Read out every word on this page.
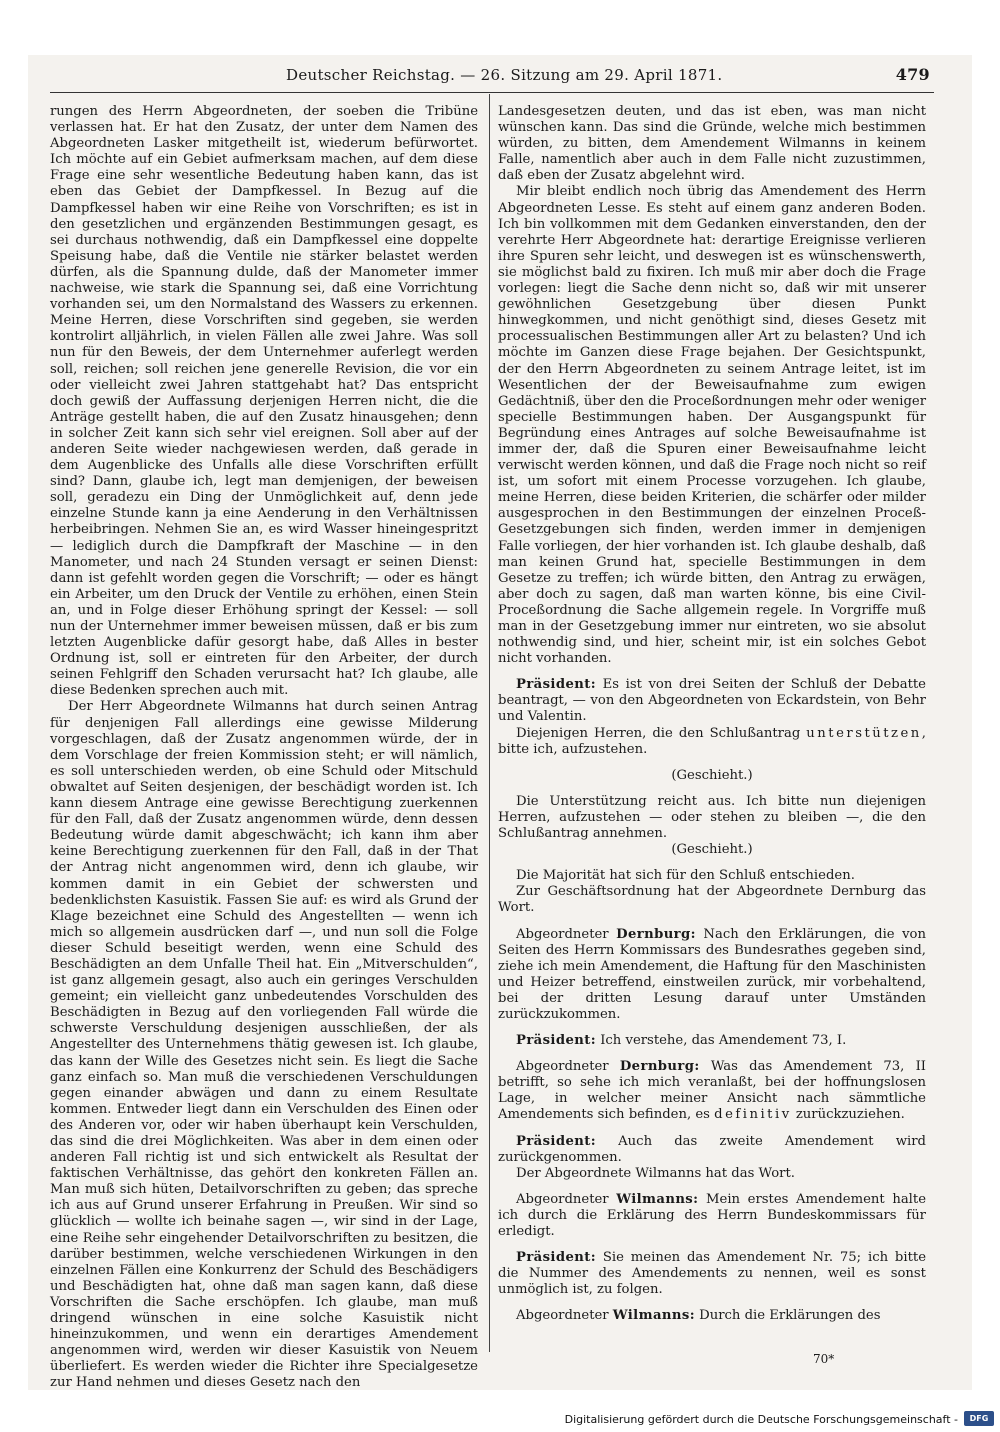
Deutscher Reichstag. — 26. Sitzung am 29. April 1871.	479

rungen des Herrn Abgeordneten, der soeben die Tribüne verlassen hat. Er hat den Zusatz, der unter dem Namen des Abgeordneten Lasker mitgetheilt ist, wiederum befürwortet. Ich möchte auf ein Gebiet aufmerksam machen, auf dem diese Frage eine sehr wesentliche Bedeutung haben kann, das ist eben das Gebiet der Dampfkessel. In Bezug auf die Dampfkessel haben wir eine Reihe von Vorschriften; es ist in den gesetzlichen und ergänzenden Bestimmungen gesagt, es sei durchaus nothwendig, daß ein Dampfkessel eine doppelte Speisung habe, daß die Ventile nie stärker belastet werden dürfen, als die Spannung dulde, daß der Manometer immer nachweise, wie stark die Spannung sei, daß eine Vorrichtung vorhanden sei, um den Normalstand des Wassers zu erkennen. Meine Herren, diese Vorschriften sind gegeben, sie werden kontrolirt alljährlich, in vielen Fällen alle zwei Jahre. Was soll nun für den Beweis, der dem Unternehmer auferlegt werden soll, reichen; soll reichen jene generelle Revision, die vor ein oder vielleicht zwei Jahren stattgehabt hat? Das entspricht doch gewiß der Auffassung derjenigen Herren nicht, die die Anträge gestellt haben, die auf den Zusatz hinausgehen; denn in solcher Zeit kann sich sehr viel ereignen. Soll aber auf der anderen Seite wieder nachgewiesen werden, daß gerade in dem Augenblicke des Unfalls alle diese Vorschriften erfüllt sind? Dann, glaube ich, legt man demjenigen, der beweisen soll, geradezu ein Ding der Unmöglichkeit auf, denn jede einzelne Stunde kann ja eine Aenderung in den Verhältnissen herbeibringen. Nehmen Sie an, es wird Wasser hineingespritzt — lediglich durch die Dampfkraft der Maschine — in den Manometer, und nach 24 Stunden versagt er seinen Dienst: dann ist gefehlt worden gegen die Vorschrift; — oder es hängt ein Arbeiter, um den Druck der Ventile zu erhöhen, einen Stein an, und in Folge dieser Erhöhung springt der Kessel: — soll nun der Unternehmer immer beweisen müssen, daß er bis zum letzten Augenblicke dafür gesorgt habe, daß Alles in bester Ordnung ist, soll er eintreten für den Arbeiter, der durch seinen Fehlgriff den Schaden verursacht hat? Ich glaube, alle diese Bedenken sprechen auch mit.

Der Herr Abgeordnete Wilmanns hat durch seinen Antrag für denjenigen Fall allerdings eine gewisse Milderung vorgeschlagen, daß der Zusatz angenommen würde, der in dem Vorschlage der freien Kommission steht; er will nämlich, es soll unterschieden werden, ob eine Schuld oder Mitschuld obwaltet auf Seiten desjenigen, der beschädigt worden ist. Ich kann diesem Antrage eine gewisse Berechtigung zuerkennen für den Fall, daß der Zusatz angenommen würde, denn dessen Bedeutung würde damit abgeschwächt; ich kann ihm aber keine Berechtigung zuerkennen für den Fall, daß in der That der Antrag nicht angenommen wird, denn ich glaube, wir kommen damit in ein Gebiet der schwersten und bedenklichsten Kasuistik. Fassen Sie auf: es wird als Grund der Klage bezeichnet eine Schuld des Angestellten — wenn ich mich so allgemein ausdrücken darf —, und nun soll die Folge dieser Schuld beseitigt werden, wenn eine Schuld des Beschädigten an dem Unfalle Theil hat. Ein „Mitverschulden“, ist ganz allgemein gesagt, also auch ein geringes Verschulden gemeint; ein vielleicht ganz unbedeutendes Vorschulden des Beschädigten in Bezug auf den vorliegenden Fall würde die schwerste Verschuldung desjenigen ausschließen, der als Angestellter des Unternehmens thätig gewesen ist. Ich glaube, das kann der Wille des Gesetzes nicht sein. Es liegt die Sache ganz einfach so. Man muß die verschiedenen Verschuldungen gegen einander abwägen und dann zu einem Resultate kommen. Entweder liegt dann ein Verschulden des Einen oder des Anderen vor, oder wir haben überhaupt kein Verschulden, das sind die drei Möglichkeiten. Was aber in dem einen oder anderen Fall richtig ist und sich entwickelt als Resultat der faktischen Verhältnisse, das gehört den konkreten Fällen an. Man muß sich hüten, Detailvorschriften zu geben; das spreche ich aus auf Grund unserer Erfahrung in Preußen. Wir sind so glücklich — wollte ich beinahe sagen —, wir sind in der Lage, eine Reihe sehr eingehender Detailvorschriften zu besitzen, die darüber bestimmen, welche verschiedenen Wirkungen in den einzelnen Fällen eine Konkurrenz der Schuld des Beschädigers und Beschädigten hat, ohne daß man sagen kann, daß diese Vorschriften die Sache erschöpfen. Ich glaube, man muß dringend wünschen in eine solche Kasuistik nicht hineinzukommen, und wenn ein derartiges Amendement angenommen wird, werden wir dieser Kasuistik von Neuem überliefert. Es werden wieder die Richter ihre Specialgesetze zur Hand nehmen und dieses Gesetz nach den

Landesgesetzen deuten, und das ist eben, was man nicht wünschen kann. Das sind die Gründe, welche mich bestimmen würden, zu bitten, dem Amendement Wilmanns in keinem Falle, namentlich aber auch in dem Falle nicht zuzustimmen, daß eben der Zusatz abgelehnt wird.

Mir bleibt endlich noch übrig das Amendement des Herrn Abgeordneten Lesse. Es steht auf einem ganz anderen Boden. Ich bin vollkommen mit dem Gedanken einverstanden, den der verehrte Herr Abgeordnete hat: derartige Ereignisse verlieren ihre Spuren sehr leicht, und deswegen ist es wünschenswerth, sie möglichst bald zu fixiren. Ich muß mir aber doch die Frage vorlegen: liegt die Sache denn nicht so, daß wir mit unserer gewöhnlichen Gesetzgebung über diesen Punkt hinwegkommen, und nicht genöthigt sind, dieses Gesetz mit processualischen Bestimmungen aller Art zu belasten? Und ich möchte im Ganzen diese Frage bejahen. Der Gesichtspunkt, der den Herrn Abgeordneten zu seinem Antrage leitet, ist im Wesentlichen der der Beweisaufnahme zum ewigen Gedächtniß, über den die Proceßordnungen mehr oder weniger specielle Bestimmungen haben. Der Ausgangspunkt für Begründung eines Antrages auf solche Beweisaufnahme ist immer der, daß die Spuren einer Beweisaufnahme leicht verwischt werden können, und daß die Frage noch nicht so reif ist, um sofort mit einem Processe vorzugehen. Ich glaube, meine Herren, diese beiden Kriterien, die schärfer oder milder ausgesprochen in den Bestimmungen der einzelnen Proceß-Gesetzgebungen sich finden, werden immer in demjenigen Falle vorliegen, der hier vorhanden ist. Ich glaube deshalb, daß man keinen Grund hat, specielle Bestimmungen in dem Gesetze zu treffen; ich würde bitten, den Antrag zu erwägen, aber doch zu sagen, daß man warten könne, bis eine Civil-Proceßordnung die Sache allgemein regele. In Vorgriffe muß man in der Gesetzgebung immer nur eintreten, wo sie absolut nothwendig sind, und hier, scheint mir, ist ein solches Gebot nicht vorhanden.

Präsident: Es ist von drei Seiten der Schluß der Debatte beantragt, — von den Abgeordneten von Eckardstein, von Behr und Valentin.

Diejenigen Herren, die den Schlußantrag unterstützen, bitte ich, aufzustehen.

(Geschieht.)

Die Unterstützung reicht aus. Ich bitte nun diejenigen Herren, aufzustehen — oder stehen zu bleiben —, die den Schlußantrag annehmen.

(Geschieht.)

Die Majorität hat sich für den Schluß entschieden.

Zur Geschäftsordnung hat der Abgeordnete Dernburg das Wort.

Abgeordneter Dernburg: Nach den Erklärungen, die von Seiten des Herrn Kommissars des Bundesrathes gegeben sind, ziehe ich mein Amendement, die Haftung für den Maschinisten und Heizer betreffend, einstweilen zurück, mir vorbehaltend, bei der dritten Lesung darauf unter Umständen zurückzukommen.

Präsident: Ich verstehe, das Amendement 73, I.

Abgeordneter Dernburg: Was das Amendement 73, II betrifft, so sehe ich mich veranlaßt, bei der hoffnungslosen Lage, in welcher meiner Ansicht nach sämmtliche Amendements sich befinden, es definitiv zurückzuziehen.

Präsident: Auch das zweite Amendement wird zurückgenommen.

Der Abgeordnete Wilmanns hat das Wort.

Abgeordneter Wilmanns: Mein erstes Amendement halte ich durch die Erklärung des Herrn Bundeskommissars für erledigt.

Präsident: Sie meinen das Amendement Nr. 75; ich bitte die Nummer des Amendements zu nennen, weil es sonst unmöglich ist, zu folgen.

Abgeordneter Wilmanns: Durch die Erklärungen des

70*
Digitalisierung gefördert durch die Deutsche Forschungsgemeinschaft -	DFG
